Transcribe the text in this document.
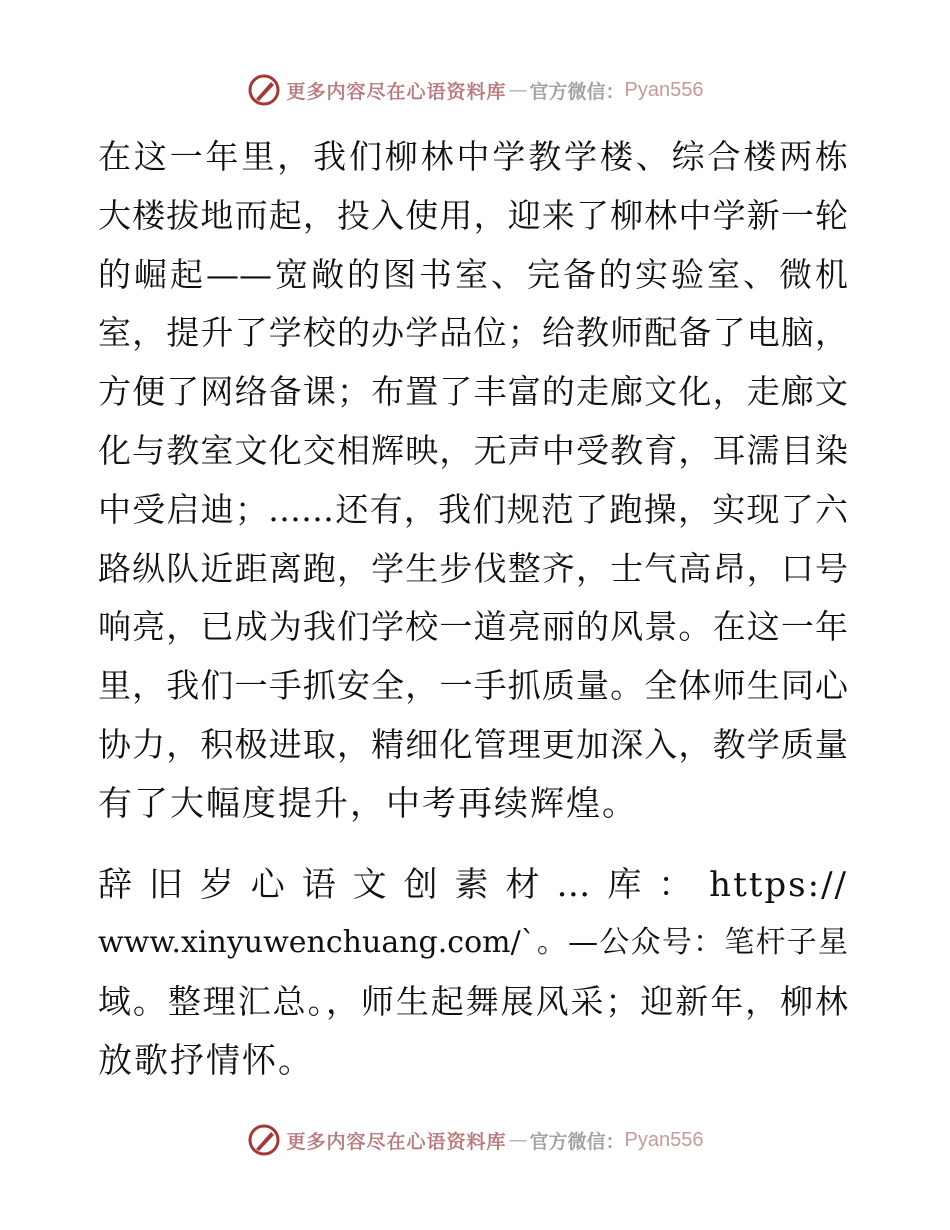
更多内容尽在心语资料库 — 官方微信： Pyan556
在这一年里，我们柳林中学教学楼、综合楼两栋
大楼拔地而起，投入使用，迎来了柳林中学新一轮
的崛起——宽敞的图书室、完备的实验室、微机
室，提升了学校的办学品位；给教师配备了电脑，
方便了网络备课；布置了丰富的走廊文化，走廊文
化与教室文化交相辉映，无声中受教育，耳濡目染
中受启迪；……还有，我们规范了跑操，实现了六
路纵队近距离跑，学生步伐整齐，士气高昂，口号
响亮，已成为我们学校一道亮丽的风景。在这一年
里，我们一手抓安全，一手抓质量。全体师生同心
协力，积极进取，精细化管理更加深入，教学质量
有了大幅度提升，中考再续辉煌。
辞旧岁心语文创素材…库：https://
www.xinyuwenchuang.com/`。—公众号：笔杆子星
域。整理汇总。，师生起舞展风采；迎新年，柳林
放歌抒情怀。
更多内容尽在心语资料库 — 官方微信： Pyan556
